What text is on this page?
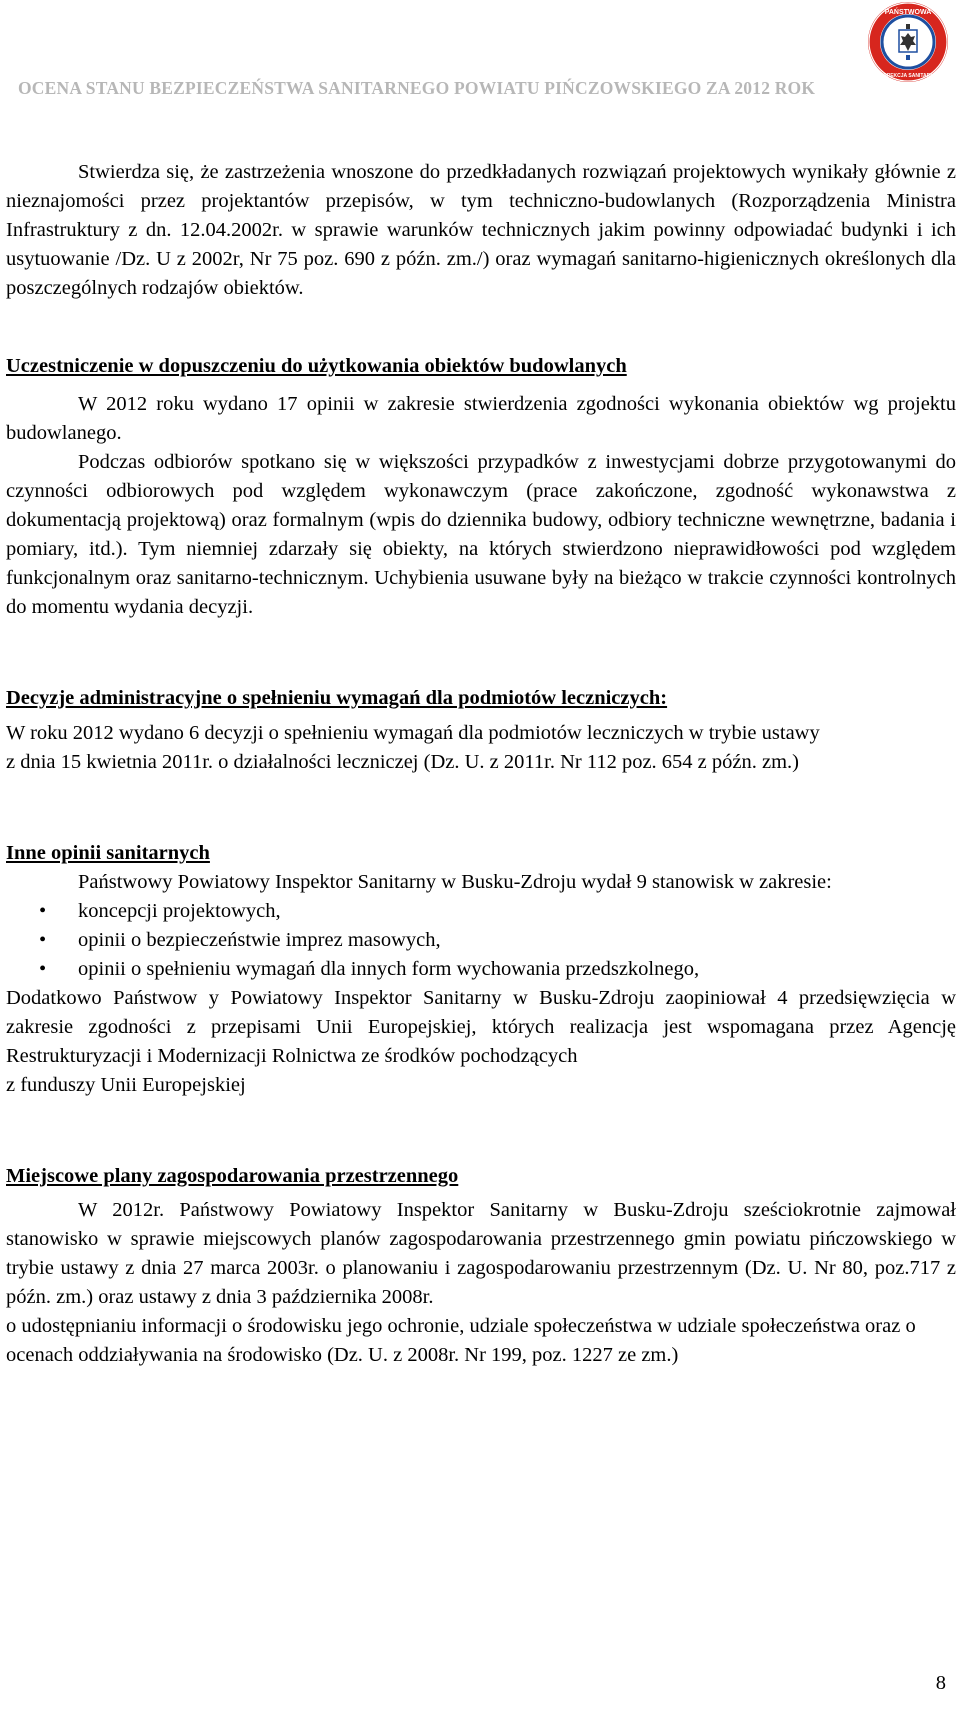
OCENA STANU BEZPIECZEŃSTWA SANITARNEGO POWIATU PIŃCZOWSKIEGO ZA 2012 ROK
PAŃSTWOWA
INSPEKCJA SANITARNA

Stwierdza się, że zastrzeżenia wnoszone do przedkładanych rozwiązań projektowych wynikały głównie z nieznajomości przez projektantów przepisów, w tym techniczno-budowlanych (Rozporządzenia Ministra Infrastruktury z dn. 12.04.2002r. w sprawie warunków technicznych jakim powinny odpowiadać budynki i ich usytuowanie /Dz. U z 2002r, Nr 75 poz. 690 z późn. zm./) oraz wymagań sanitarno-higienicznych określonych dla poszczególnych rodzajów obiektów.

Uczestniczenie w dopuszczeniu do użytkowania obiektów budowlanych

W 2012 roku wydano 17 opinii w zakresie stwierdzenia zgodności wykonania obiektów wg projektu budowlanego.

Podczas odbiorów spotkano się w większości przypadków z inwestycjami dobrze przygotowanymi do czynności odbiorowych pod względem wykonawczym (prace zakończone, zgodność wykonawstwa z dokumentacją projektową) oraz formalnym (wpis do dziennika budowy, odbiory techniczne wewnętrzne, badania i pomiary, itd.). Tym niemniej zdarzały się obiekty, na których stwierdzono nieprawidłowości pod względem funkcjonalnym oraz sanitarno-technicznym. Uchybienia usuwane były na bieżąco w trakcie czynności kontrolnych do momentu wydania decyzji.

Decyzje administracyjne o spełnieniu wymagań dla podmiotów leczniczych:

W roku 2012 wydano 6 decyzji o spełnieniu wymagań dla podmiotów leczniczych w trybie ustawy

z dnia 15 kwietnia 2011r. o działalności leczniczej (Dz. U. z 2011r. Nr 112 poz. 654 z późn. zm.)

Inne opinii sanitarnych

Państwowy Powiatowy Inspektor Sanitarny w Busku-Zdroju wydał 9 stanowisk w zakresie:

• koncepcji projektowych,
• opinii o bezpieczeństwie imprez masowych,
• opinii o spełnieniu wymagań dla innych form wychowania przedszkolnego,

Dodatkowo Państwow y Powiatowy Inspektor Sanitarny w Busku-Zdroju zaopiniował 4 przedsięwzięcia w zakresie zgodności z przepisami Unii Europejskiej, których realizacja jest wspomagana przez Agencję Restrukturyzacji i Modernizacji Rolnictwa ze środków pochodzących

z funduszy Unii Europejskiej

Miejscowe plany zagospodarowania przestrzennego

W 2012r. Państwowy Powiatowy Inspektor Sanitarny w Busku-Zdroju sześciokrotnie zajmował stanowisko w sprawie miejscowych planów zagospodarowania przestrzennego gmin powiatu pińczowskiego w trybie ustawy z dnia 27 marca 2003r. o planowaniu i zagospodarowaniu przestrzennym (Dz. U. Nr 80, poz.717 z późn. zm.) oraz ustawy z dnia 3 października 2008r.

o udostępnianiu informacji o środowisku jego ochronie, udziale społeczeństwa w udziale społeczeństwa oraz o ocenach oddziaływania na środowisko (Dz. U. z 2008r. Nr 199, poz. 1227 ze zm.)

8
